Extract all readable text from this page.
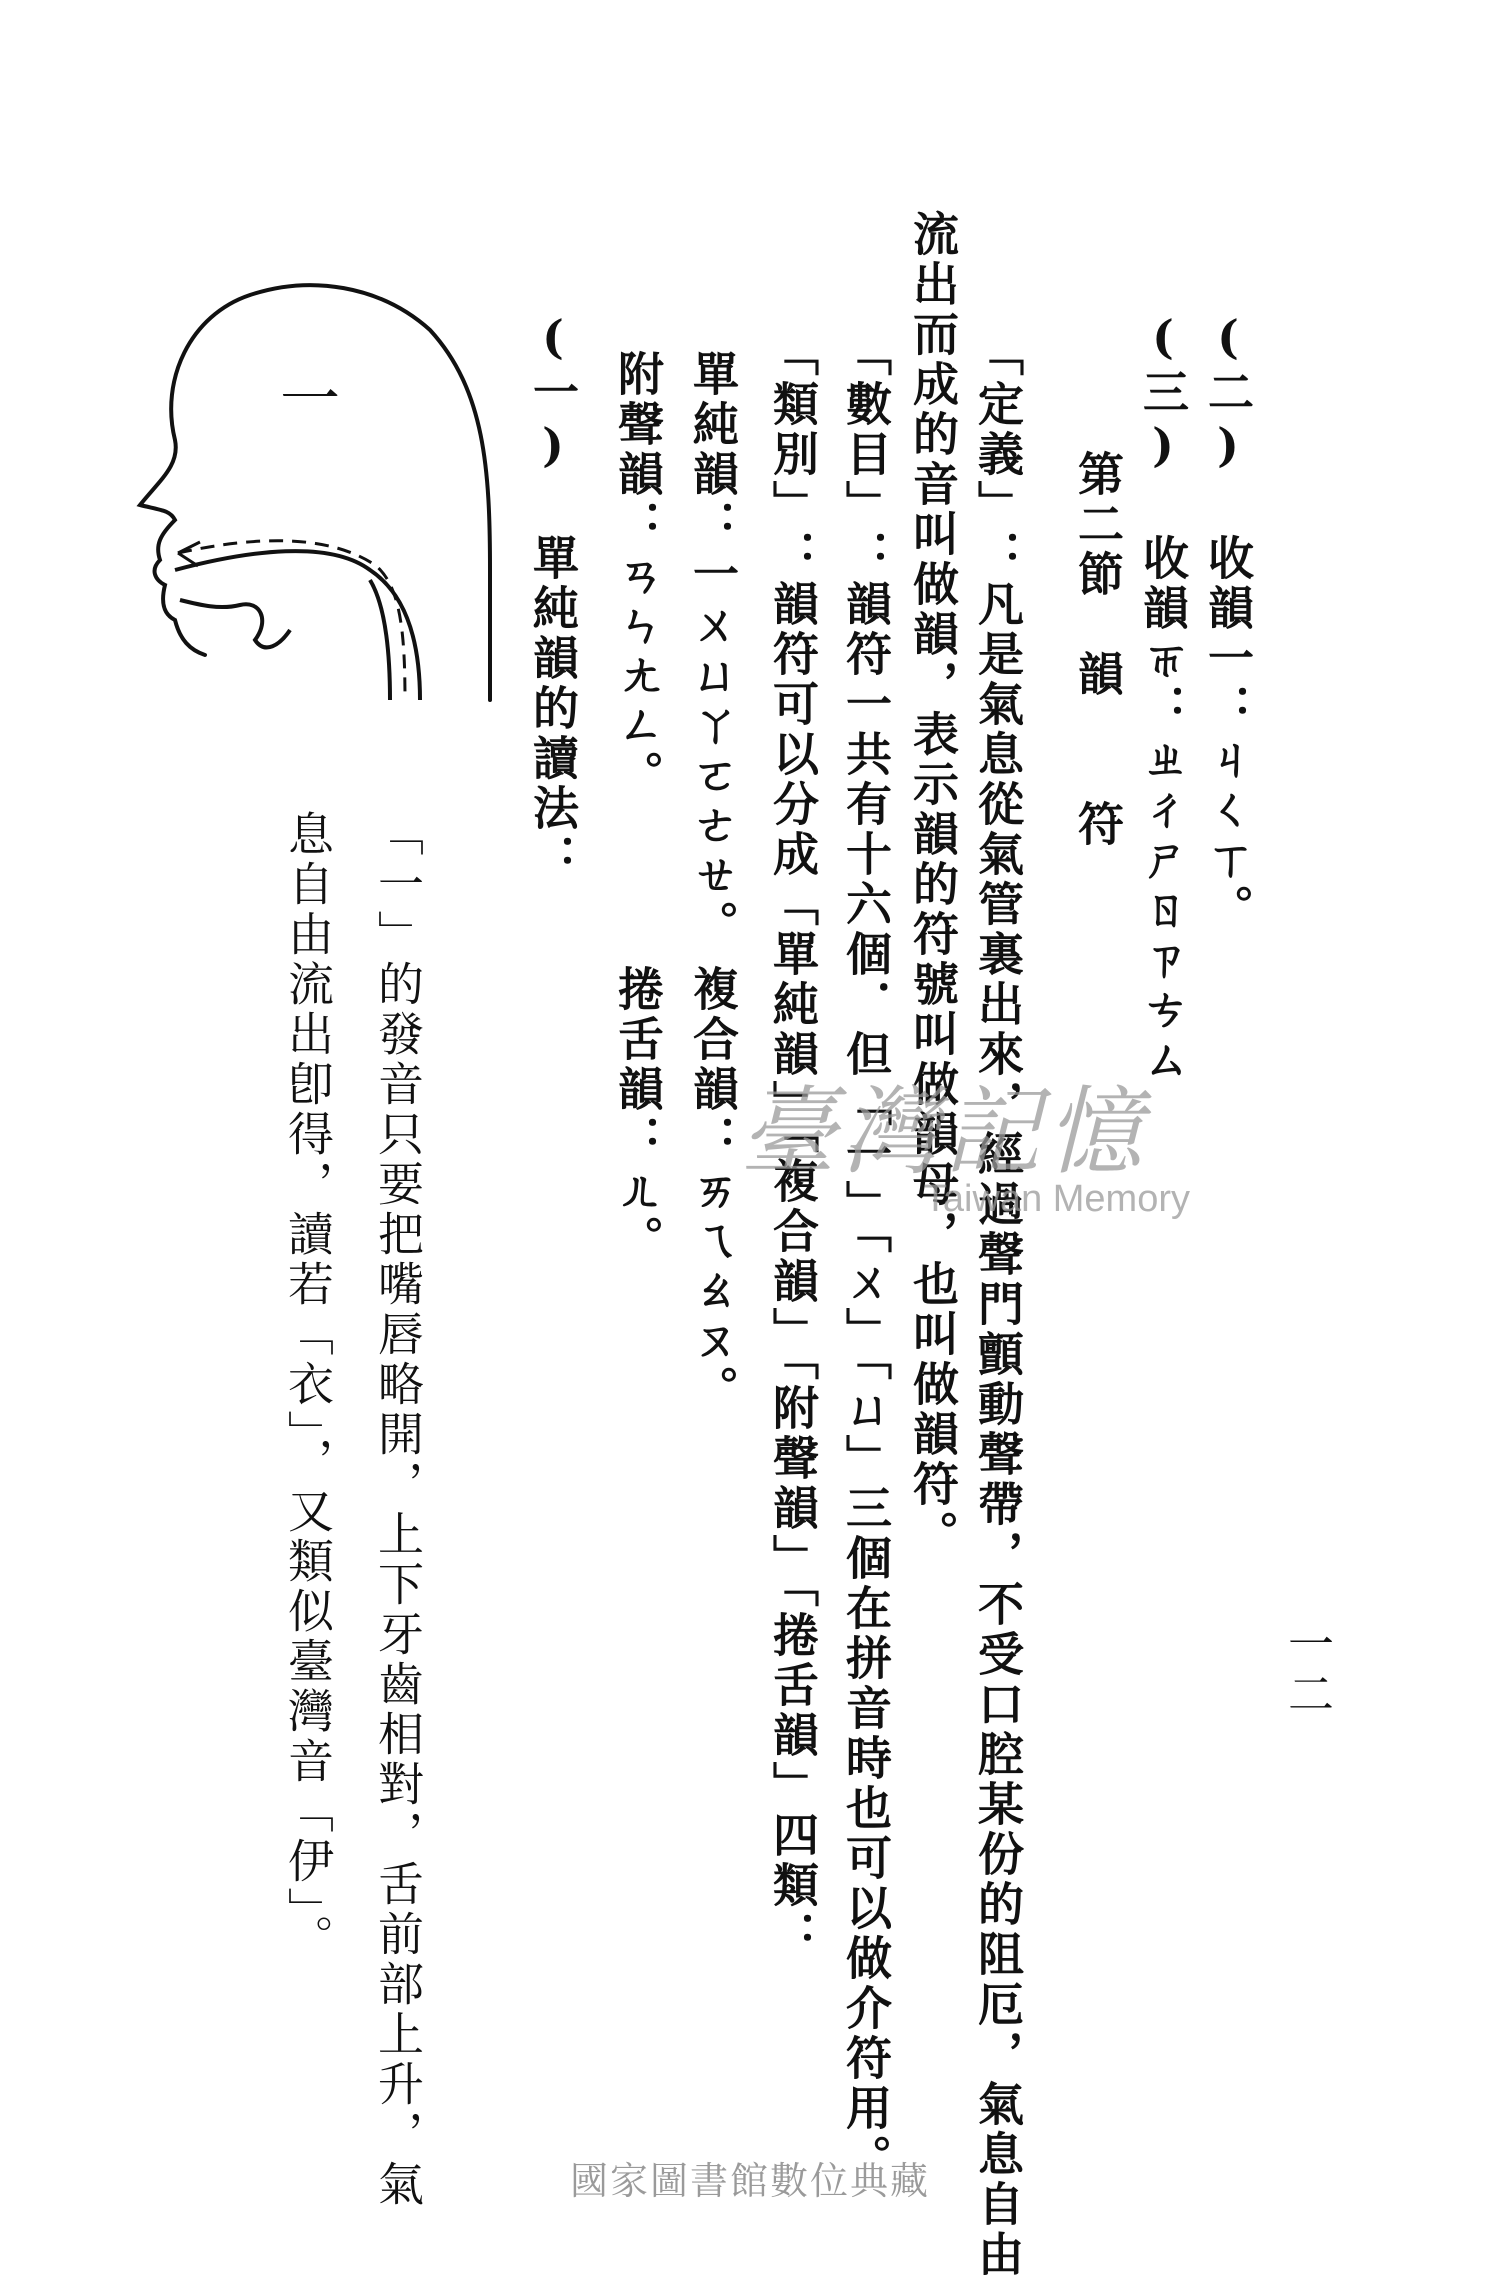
一二
(二) 收韻一：ㄐㄑㄒ。
(三) 收韻ㄭ：ㄓㄔㄕㄖㄗㄘㄙ
第二節　韻　　符
「定義」：凡是氣息從氣管裏出來，經過聲門顫動聲帶，不受口腔某份的阻厄，氣息自由
流出而成的音叫做韻，表示韻的符號叫做韻母，也叫做韻符。
「數目」：韻符一共有十六個．但「一」「ㄨ」「ㄩ」三個在拼音時也可以做介符用。
「類別」：韻符可以分成「單純韻」「複合韻」「附聲韻」「捲舌韻」四類：
單純韻：一ㄨㄩㄚㄛㄜㄝ。
複合韻：ㄞㄟㄠㄡ。
附聲韻：ㄢㄣㄤㄥ。
捲舌韻：ㄦ。
(一) 單純韻的讀法：
「一」的發音只要把嘴唇略開，上下牙齒相對，舌前部上升，氣
息自由流出卽得，讀若「衣」，又類似臺灣音「伊」。
一
臺灣記憶
Taiwan Memory
國家圖書館數位典藏
